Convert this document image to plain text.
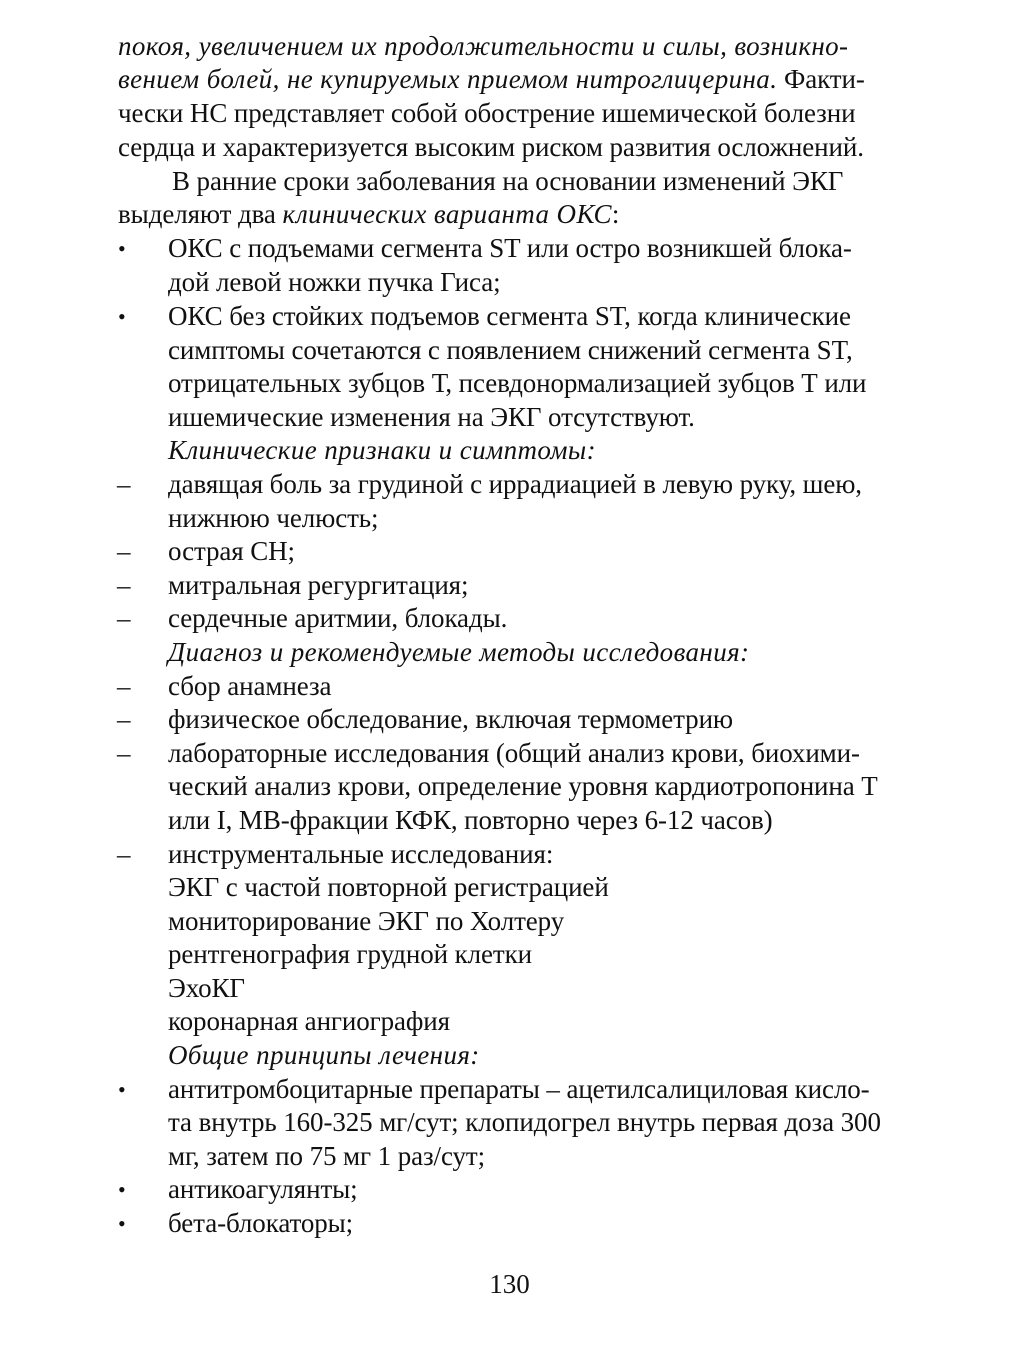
покоя, увеличением их продолжительности и силы, возникно-
вением болей, не купируемых приемом нитроглицерина. Факти-
чески НС представляет собой обострение ишемической болезни
сердца и характеризуется высоким риском развития осложнений.
В ранние сроки заболевания на основании изменений ЭКГ
выделяют два клинических варианта ОКС:
• ОКС с подъемами сегмента ST или остро возникшей блока-
дой левой ножки пучка Гиса;
• ОКС без стойких подъемов сегмента ST, когда клинические
симптомы сочетаются с появлением снижений сегмента ST,
отрицательных зубцов Т, псевдонормализацией зубцов Т или
ишемические изменения на ЭКГ отсутствуют.
Клинические признаки и симптомы:
– давящая боль за грудиной с иррадиацией в левую руку, шею,
нижнюю челюсть;
– острая СН;
– митральная регургитация;
– сердечные аритмии, блокады.
Диагноз и рекомендуемые методы исследования:
– сбор анамнеза
– физическое обследование, включая термометрию
– лабораторные исследования (общий анализ крови, биохими-
ческий анализ крови, определение уровня кардиотропонина Т
или I, МВ-фракции КФК, повторно через 6-12 часов)
– инструментальные исследования:
ЭКГ с частой повторной регистрацией
мониторирование ЭКГ по Холтеру
рентгенография грудной клетки
ЭхоКГ
коронарная ангиография
Общие принципы лечения:
• антитромбоцитарные препараты – ацетилсалициловая кисло-
та внутрь 160-325 мг/сут; клопидогрел внутрь первая доза 300
мг, затем по 75 мг 1 раз/сут;
• антикоагулянты;
• бета-блокаторы;
130
